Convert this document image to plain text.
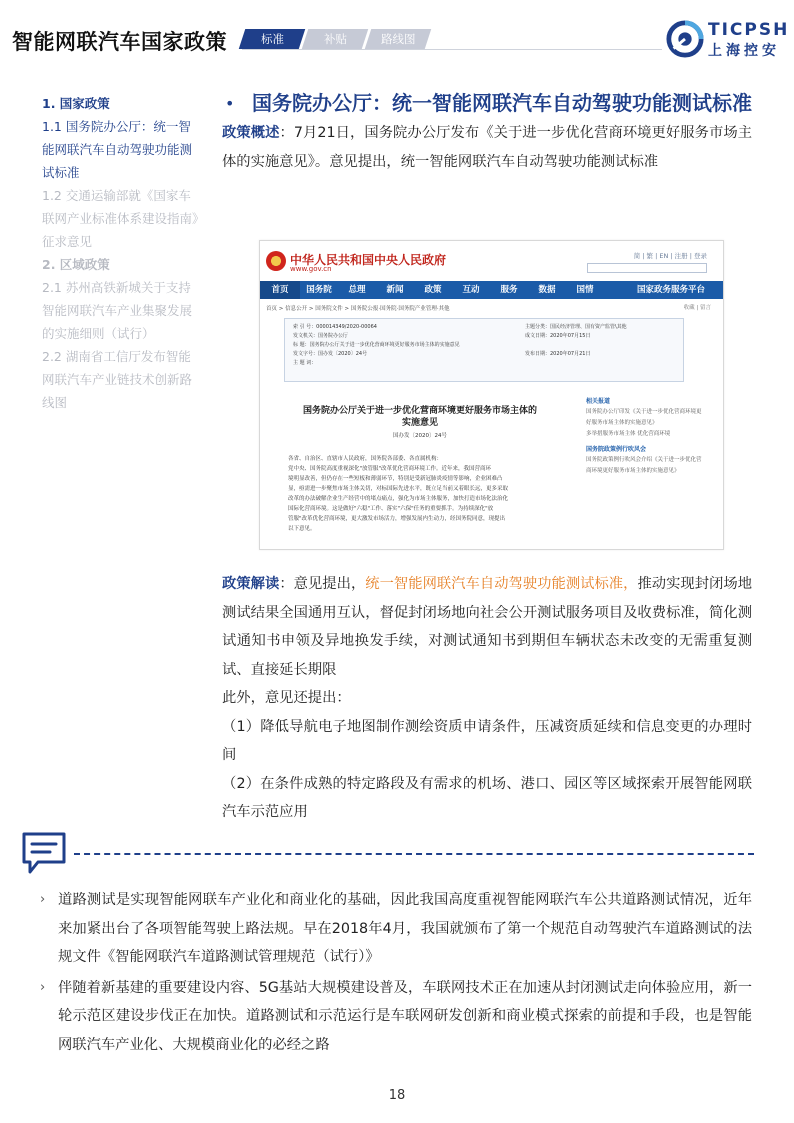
智能网联汽车国家政策	标准	补贴	路线图	TICPSH
上海控安
1. 国家政策
1.1 国务院办公厅：统一智能网联汽车自动驾驶功能测试标准
1.2 交通运输部就《国家车联网产业标准体系建设指南》征求意见
2. 区域政策
2.1 苏州高铁新城关于支持智能网联汽车产业集聚发展的实施细则（试行）
2.2 湖南省工信厅发布智能网联汽车产业链技术创新路线图
• 国务院办公厅：统一智能网联汽车自动驾驶功能测试标准

政策概述：7月21日，国务院办公厅发布《关于进一步优化营商环境更好服务市场主体的实施意见》。意见提出，统一智能网联汽车自动驾驶功能测试标准

中华人民共和国中央人民政府
www.gov.cn
简 | 繁 | EN | 注册 | 登录
首页	国务院	总理	新闻	政策	互动	服务	数据	国情	国家政务服务平台
首页 > 信息公开 > 国务院文件 > 国务院公报·国务院·国务院产业管理·其他	收藏 | 留言
索 引 号：000014349/2020-00064
发文机关：国务院办公厅
标 题：国务院办公厅关于进一步优化营商环境更好服务市场主体的实施意见
发文字号：国办发〔2020〕24号
主 题 词：
主题分类：国民经济管理、国有资产监管\其他
成文日期：2020年07月15日

发布日期：2020年07月21日
国务院办公厅关于进一步优化营商环境更好服务市场主体的实施意见
国办发〔2020〕24号
各省、自治区、直辖市人民政府，国务院各部委、各直属机构：
党中央、国务院高度重视深化"放管服"改革优化营商环境工作。近年来，我国营商环
境明显改善，但仍存在一些短板和薄弱环节，特别是受新冠肺炎疫情等影响，企业困难凸
显，亟需进一步聚焦市场主体关切，对标国际先进水平，既立足当前又着眼长远，更多采取
改革的办法破解企业生产经营中的堵点痛点，强化为市场主体服务，加快打造市场化法治化
国际化营商环境。这是做好"六稳"工作、落实"六保"任务的重要抓手。为持续深化"放
管服"改革优化营商环境，更大激发市场活力，增强发展内生动力，经国务院同意，现提出
以下意见。
相关报道
国务院办公厅印发《关于进一步优化营商环境更好服务市场主体的实施意见》
多举措服务市场主体 优化营商环境
国务院政策例行吹风会
国务院政策例行吹风会介绍《关于进一步优化营商环境更好服务市场主体的实施意见》

政策解读：意见提出，统一智能网联汽车自动驾驶功能测试标准，推动实现封闭场地测试结果全国通用互认，督促封闭场地向社会公开测试服务项目及收费标准，简化测试通知书申领及异地换发手续，对测试通知书到期但车辆状态未改变的无需重复测试、直接延长期限

此外，意见还提出：

（1）降低导航电子地图制作测绘资质申请条件，压减资质延续和信息变更的办理时间

（2）在条件成熟的特定路段及有需求的机场、港口、园区等区域探索开展智能网联汽车示范应用

› 道路测试是实现智能网联车产业化和商业化的基础，因此我国高度重视智能网联汽车公共道路测试情况，近年来加紧出台了各项智能驾驶上路法规。早在2018年4月，我国就颁布了第一个规范自动驾驶汽车道路测试的法规文件《智能网联汽车道路测试管理规范（试行）》
› 伴随着新基建的重要建设内容、5G基站大规模建设普及，车联网技术正在加速从封闭测试走向体验应用，新一轮示范区建设步伐正在加快。道路测试和示范运行是车联网研发创新和商业模式探索的前提和手段，也是智能网联汽车产业化、大规模商业化的必经之路
18
